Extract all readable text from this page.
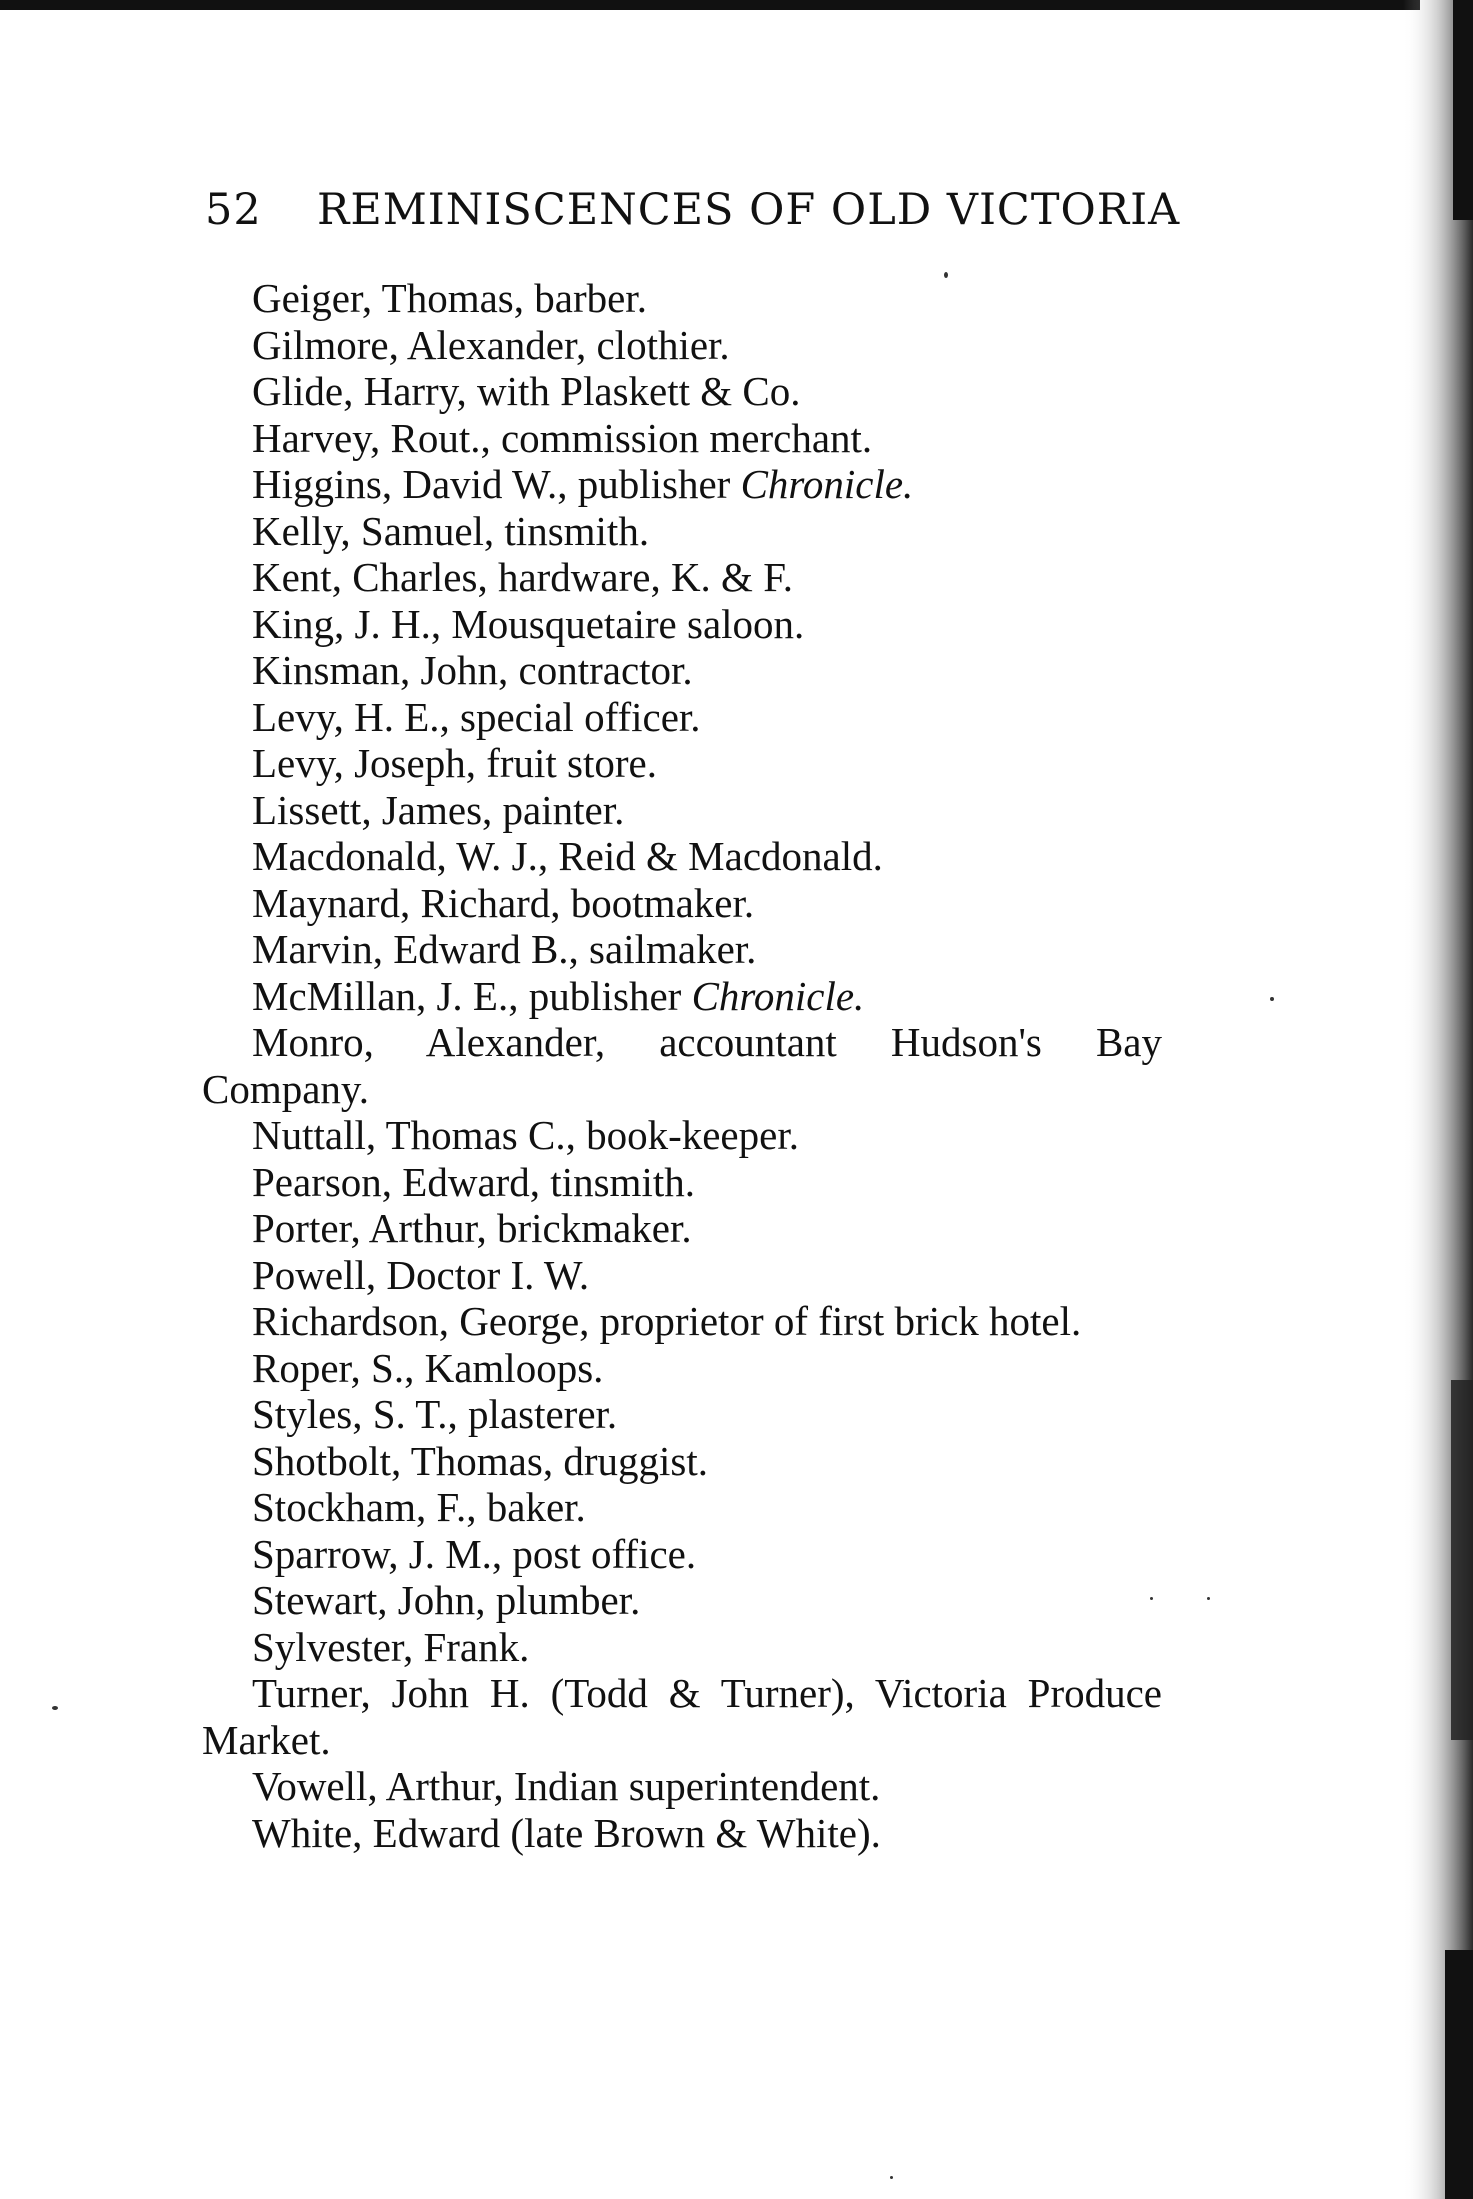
52 REMINISCENCES OF OLD VICTORIA
Geiger, Thomas, barber.
Gilmore, Alexander, clothier.
Glide, Harry, with Plaskett & Co.
Harvey, Rout., commission merchant.
Higgins, David W., publisher Chronicle.
Kelly, Samuel, tinsmith.
Kent, Charles, hardware, K. & F.
King, J. H., Mousquetaire saloon.
Kinsman, John, contractor.
Levy, H. E., special officer.
Levy, Joseph, fruit store.
Lissett, James, painter.
Macdonald, W. J., Reid & Macdonald.
Maynard, Richard, bootmaker.
Marvin, Edward B., sailmaker.
McMillan, J. E., publisher Chronicle.
Monro, Alexander, accountant Hudson's Bay Company.
Nuttall, Thomas C., book-keeper.
Pearson, Edward, tinsmith.
Porter, Arthur, brickmaker.
Powell, Doctor I. W.
Richardson, George, proprietor of first brick hotel.
Roper, S., Kamloops.
Styles, S. T., plasterer.
Shotbolt, Thomas, druggist.
Stockham, F., baker.
Sparrow, J. M., post office.
Stewart, John, plumber.
Sylvester, Frank.
Turner, John H. (Todd & Turner), Victoria Produce Market.
Vowell, Arthur, Indian superintendent.
White, Edward (late Brown & White).
